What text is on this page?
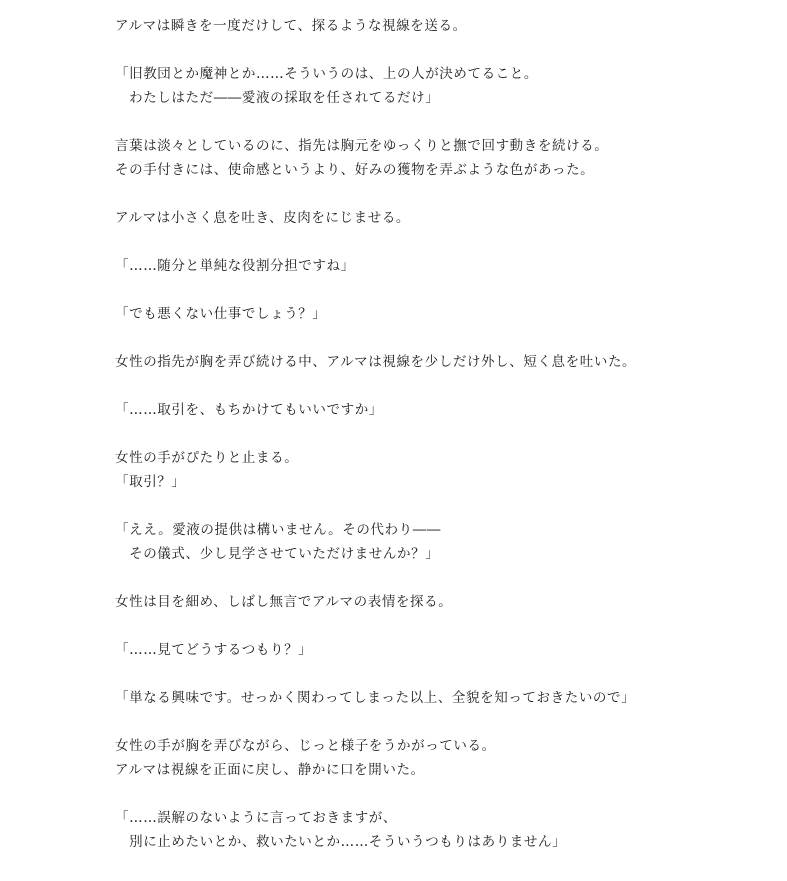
アルマは瞬きを一度だけして、探るような視線を送る。
「旧教団とか魔神とか……そういうのは、上の人が決めてること。
　わたしはただ――愛液の採取を任されてるだけ」
言葉は淡々としているのに、指先は胸元をゆっくりと撫で回す動きを続ける。
その手付きには、使命感というより、好みの獲物を弄ぶような色があった。
アルマは小さく息を吐き、皮肉をにじませる。
「……随分と単純な役割分担ですね」
「でも悪くない仕事でしょう？」
女性の指先が胸を弄び続ける中、アルマは視線を少しだけ外し、短く息を吐いた。
「……取引を、もちかけてもいいですか」
女性の手がぴたりと止まる。
「取引？」
「ええ。愛液の提供は構いません。その代わり――
　その儀式、少し見学させていただけませんか？」
女性は目を細め、しばし無言でアルマの表情を探る。
「……見てどうするつもり？」
「単なる興味です。せっかく関わってしまった以上、全貌を知っておきたいので」
女性の手が胸を弄びながら、じっと様子をうかがっている。
アルマは視線を正面に戻し、静かに口を開いた。
「……誤解のないように言っておきますが、
　別に止めたいとか、救いたいとか……そういうつもりはありません」
